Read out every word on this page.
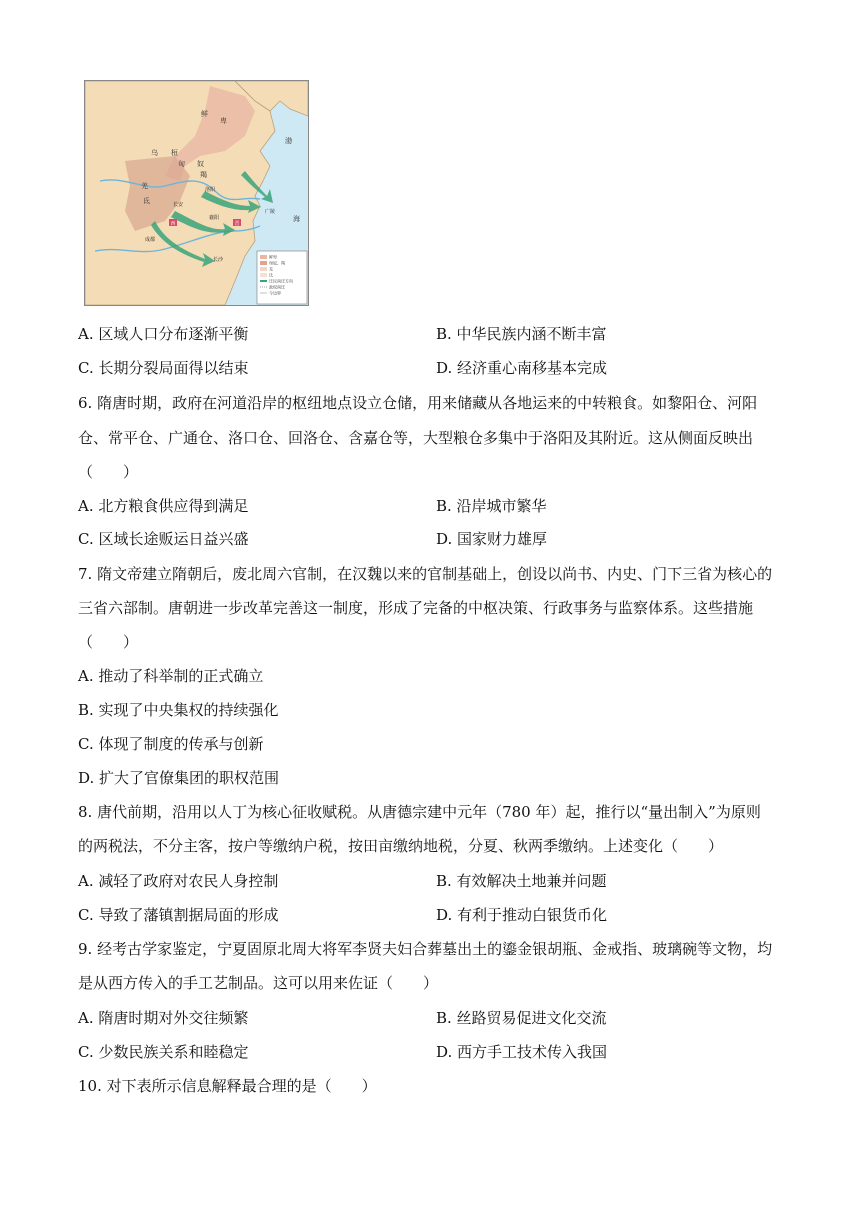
鲜卑
匈奴、羯
羌
氐
迁民南迁方向
政权南迁
今边界
鲜
卑
乌 桓
匈 奴
羯
羌
氐
渤
海
洛阳
长安
襄阳
成都
长沙
广陵
西	晋
A. 区域人口分布逐渐平衡	B. 中华民族内涵不断丰富
C. 长期分裂局面得以结束	D. 经济重心南移基本完成
6. 隋唐时期，政府在河道沿岸的枢纽地点设立仓储，用来储藏从各地运来的中转粮食。如黎阳仓、河阳
仓、常平仓、广通仓、洛口仓、回洛仓、含嘉仓等，大型粮仓多集中于洛阳及其附近。这从侧面反映出
（　　）
A. 北方粮食供应得到满足	B. 沿岸城市繁华
C. 区域长途贩运日益兴盛	D. 国家财力雄厚
7. 隋文帝建立隋朝后，废北周六官制，在汉魏以来的官制基础上，创设以尚书、内史、门下三省为核心的
三省六部制。唐朝进一步改革完善这一制度，形成了完备的中枢决策、行政事务与监察体系。这些措施
（　　）
A. 推动了科举制的正式确立
B. 实现了中央集权的持续强化
C. 体现了制度的传承与创新
D. 扩大了官僚集团的职权范围
8. 唐代前期，沿用以人丁为核心征收赋税。从唐德宗建中元年（780 年）起，推行以“量出制入”为原则
的两税法，不分主客，按户等缴纳户税，按田亩缴纳地税，分夏、秋两季缴纳。上述变化（　　）
A. 减轻了政府对农民人身控制	B. 有效解决土地兼并问题
C. 导致了藩镇割据局面的形成	D. 有利于推动白银货币化
9. 经考古学家鉴定，宁夏固原北周大将军李贤夫妇合葬墓出土的鎏金银胡瓶、金戒指、玻璃碗等文物，均
是从西方传入的手工艺制品。这可以用来佐证（　　）
A. 隋唐时期对外交往频繁	B. 丝路贸易促进文化交流
C. 少数民族关系和睦稳定	D. 西方手工技术传入我国
10. 对下表所示信息解释最合理的是（　　）
